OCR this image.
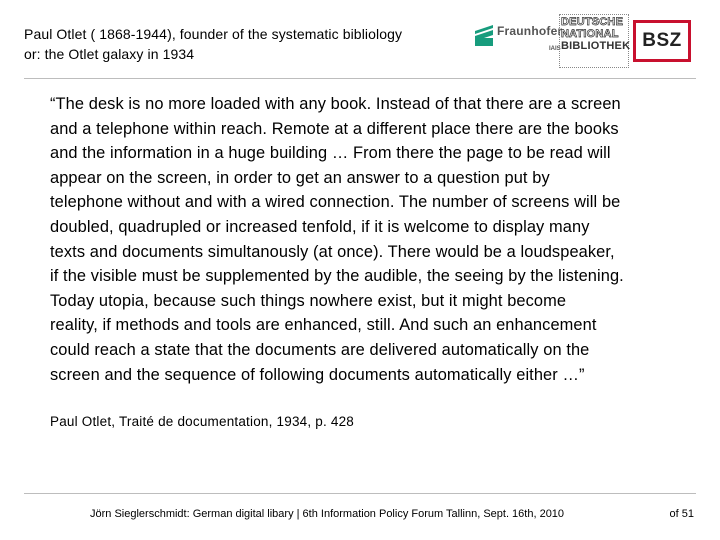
Paul Otlet ( 1868-1944), founder of the systematic bibliology
or: the Otlet galaxy in 1934
Fraunhofer
IAIS
DEUTSCHE
NATIONAL
BIBLIOTHEK BSZ
“The desk is no more loaded with any book. Instead of that there are a screen
and a telephone within reach. Remote at a different place there are the books
and the information in a huge building … From there the page to be read will
appear on the screen, in order to get an answer to a question put by
telephone without and with a wired connection. The number of screens will be
doubled, quadrupled or increased tenfold, if it is welcome to display many
texts and documents simultanously (at once). There would be a loudspeaker,
if the visible must be supplemented by the audible, the seeing by the listening.
Today utopia, because such things nowhere exist, but it might become
reality, if methods and tools are enhanced, still. And such an enhancement
could reach a state that the documents are delivered automatically on the
screen and the sequence of following documents automatically either …”
Paul Otlet, Traité de documentation, 1934, p. 428
Jörn Sieglerschmidt: German digital libary | 6th Information Policy Forum Tallinn, Sept. 16th, 2010	of 51
